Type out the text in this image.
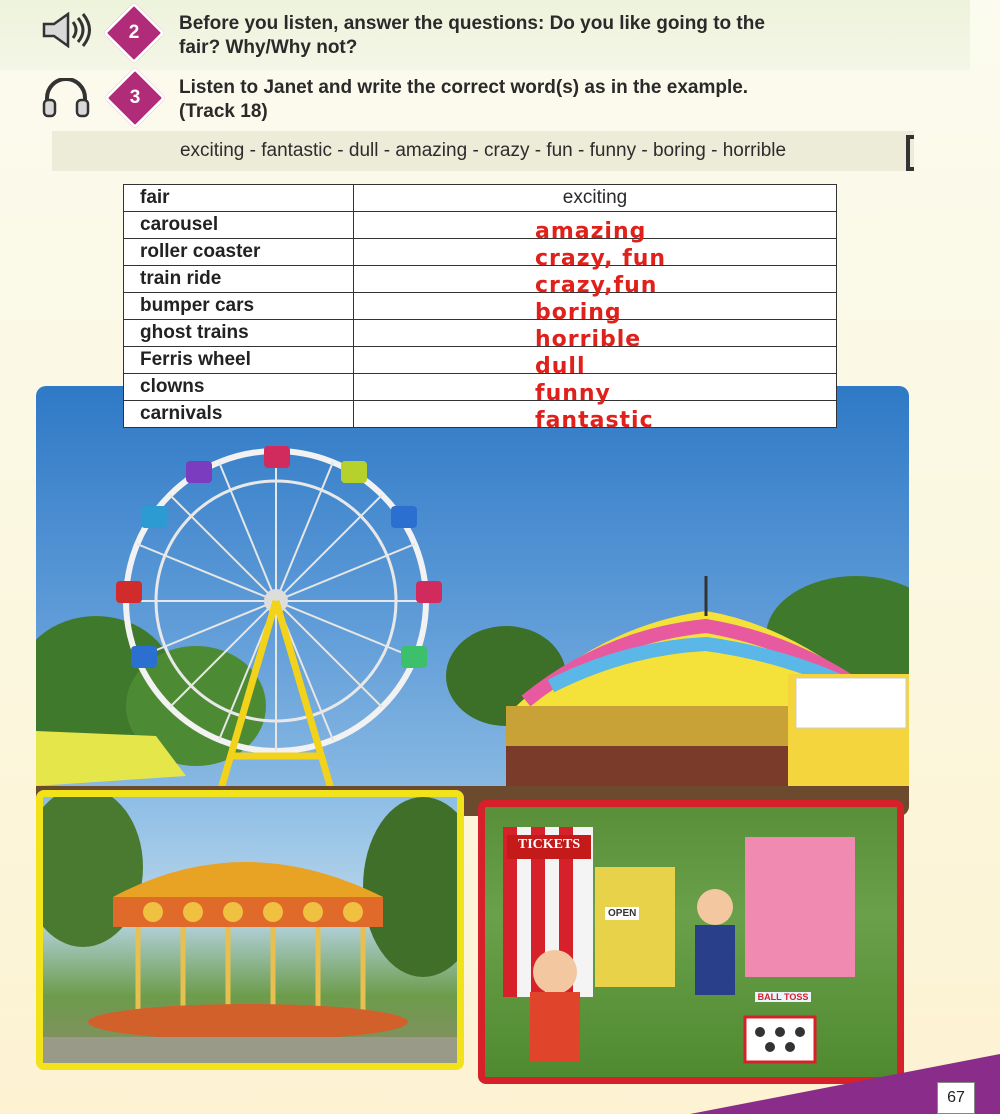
2	Before you listen, answer the questions: Do you like going to the
fair? Why/Why not?
3	Listen to Janet and write the correct word(s) as in the example.
(Track 18)
exciting - fantastic - dull - amazing - crazy - fun - funny - boring - horrible
fair	exciting

carousel	amazing

roller coaster	crazy, fun

train ride	crazy,fun

bumper cars	boring

ghost trains	horrible

Ferris wheel	dull

clowns	funny

carnivals	fantastic
TICKETS
OPEN
BALL TOSS
67
